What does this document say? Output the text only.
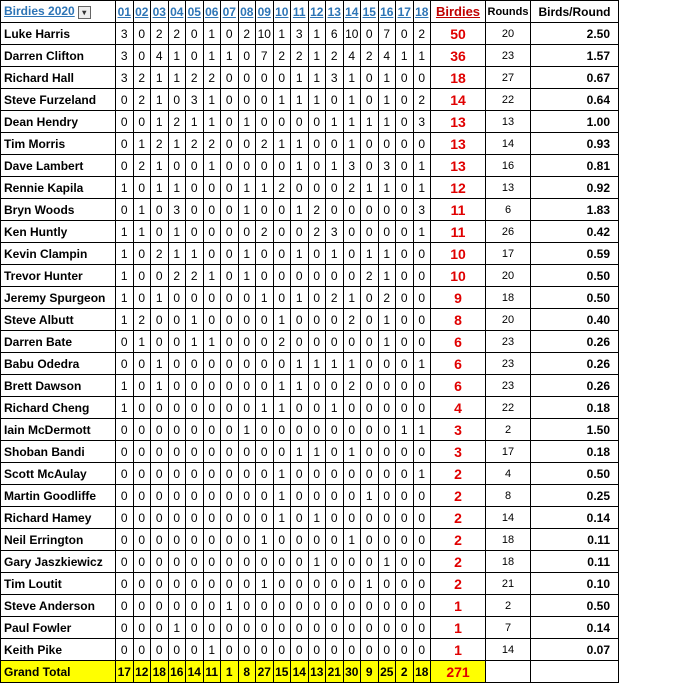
Birdies 2020 ▾	01	02	03	04	05	06	07	08	09	10	11	12	13	14	15	16	17	18	Birdies	Rounds	Birds/Round
Luke Harris	3	0	2	2	0	1	0	2	10	1	3	1	6	10	0	7	0	2	50	20	2.50
Darren Clifton	3	0	4	1	0	1	1	0	7	2	2	1	2	4	2	4	1	1	36	23	1.57
Richard Hall	3	2	1	1	2	2	0	0	0	0	1	1	3	1	0	1	0	0	18	27	0.67
Steve Furzeland	0	2	1	0	3	1	0	0	0	1	1	1	0	1	0	1	0	2	14	22	0.64
Dean Hendry	0	0	1	2	1	1	0	1	0	0	0	0	1	1	1	1	0	3	13	13	1.00
Tim Morris	0	1	2	1	2	2	0	0	2	1	1	0	0	1	0	0	0	0	13	14	0.93
Dave Lambert	0	2	1	0	0	1	0	0	0	0	1	0	1	3	0	3	0	1	13	16	0.81
Rennie Kapila	1	0	1	1	0	0	0	1	1	2	0	0	0	2	1	1	0	1	12	13	0.92
Bryn Woods	0	1	0	3	0	0	0	1	0	0	1	2	0	0	0	0	0	3	11	6	1.83
Ken Huntly	1	1	0	1	0	0	0	0	2	0	0	2	3	0	0	0	0	1	11	26	0.42
Kevin Clampin	1	0	2	1	1	0	0	1	0	0	1	0	1	0	1	1	0	0	10	17	0.59
Trevor Hunter	1	0	0	2	2	1	0	1	0	0	0	0	0	0	2	1	0	0	10	20	0.50
Jeremy Spurgeon	1	0	1	0	0	0	0	0	1	0	1	0	2	1	0	2	0	0	9	18	0.50
Steve Albutt	1	2	0	0	1	0	0	0	0	1	0	0	0	2	0	1	0	0	8	20	0.40
Darren Bate	0	1	0	0	1	1	0	0	0	2	0	0	0	0	0	1	0	0	6	23	0.26
Babu Odedra	0	0	1	0	0	0	0	0	0	0	1	1	1	1	0	0	0	1	6	23	0.26
Brett Dawson	1	0	1	0	0	0	0	0	0	1	1	0	0	2	0	0	0	0	6	23	0.26
Richard Cheng	1	0	0	0	0	0	0	0	1	1	0	0	1	0	0	0	0	0	4	22	0.18
Iain McDermott	0	0	0	0	0	0	0	1	0	0	0	0	0	0	0	0	1	1	3	2	1.50
Shoban Bandi	0	0	0	0	0	0	0	0	0	0	1	1	0	1	0	0	0	0	3	17	0.18
Scott McAulay	0	0	0	0	0	0	0	0	0	1	0	0	0	0	0	0	0	1	2	4	0.50
Martin Goodliffe	0	0	0	0	0	0	0	0	0	1	0	0	0	0	1	0	0	0	2	8	0.25
Richard Hamey	0	0	0	0	0	0	0	0	0	1	0	1	0	0	0	0	0	0	2	14	0.14
Neil Errington	0	0	0	0	0	0	0	0	1	0	0	0	0	1	0	0	0	0	2	18	0.11
Gary Jaszkiewicz	0	0	0	0	0	0	0	0	0	0	0	1	0	0	0	1	0	0	2	18	0.11
Tim Loutit	0	0	0	0	0	0	0	0	1	0	0	0	0	0	1	0	0	0	2	21	0.10
Steve Anderson	0	0	0	0	0	0	1	0	0	0	0	0	0	0	0	0	0	0	1	2	0.50
Paul Fowler	0	0	0	1	0	0	0	0	0	0	0	0	0	0	0	0	0	0	1	7	0.14
Keith Pike	0	0	0	0	0	1	0	0	0	0	0	0	0	0	0	0	0	0	1	14	0.07
Grand Total	17	12	18	16	14	11	1	8	27	15	14	13	21	30	9	25	2	18	271		
